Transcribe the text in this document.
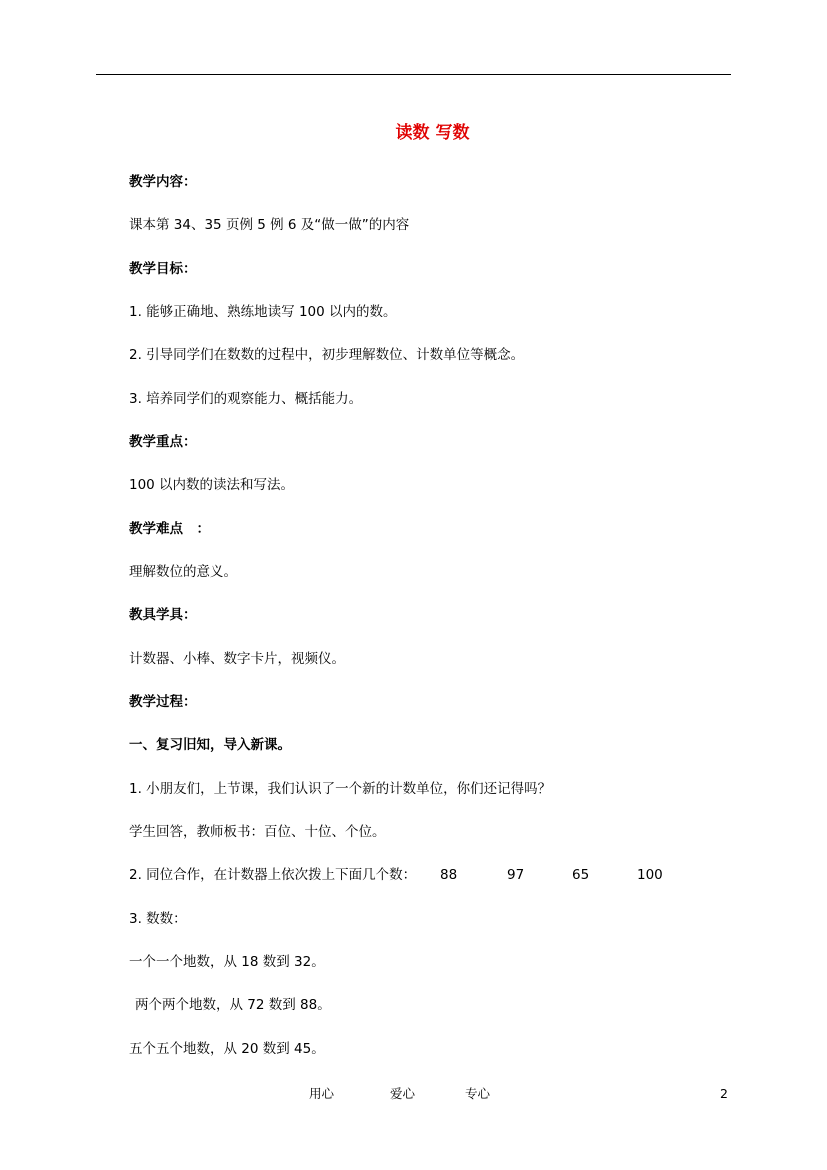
读数 写数
教学内容：
课本第 34、35 页例 5 例 6 及“做一做”的内容
教学目标：
1. 能够正确地、熟练地读写 100 以内的数。
2. 引导同学们在数数的过程中，初步理解数位、计数单位等概念。
3. 培养同学们的观察能力、概括能力。
教学重点：
100 以内数的读法和写法。
教学难点　：
理解数位的意义。
教具学具：
计数器、小棒、数字卡片，视频仪。
教学过程：
一、复习旧知，导入新课。
1. 小朋友们，上节课，我们认识了一个新的计数单位，你们还记得吗？
学生回答，教师板书：百位、十位、个位。
2. 同位合作，在计数器上依次拨上下面几个数： 88	97	65	100
3. 数数：
一个一个地数，从 18 数到 32。
两个两个地数，从 72 数到 88。
五个五个地数，从 20 数到 45。
用心	爱心	专心	2
